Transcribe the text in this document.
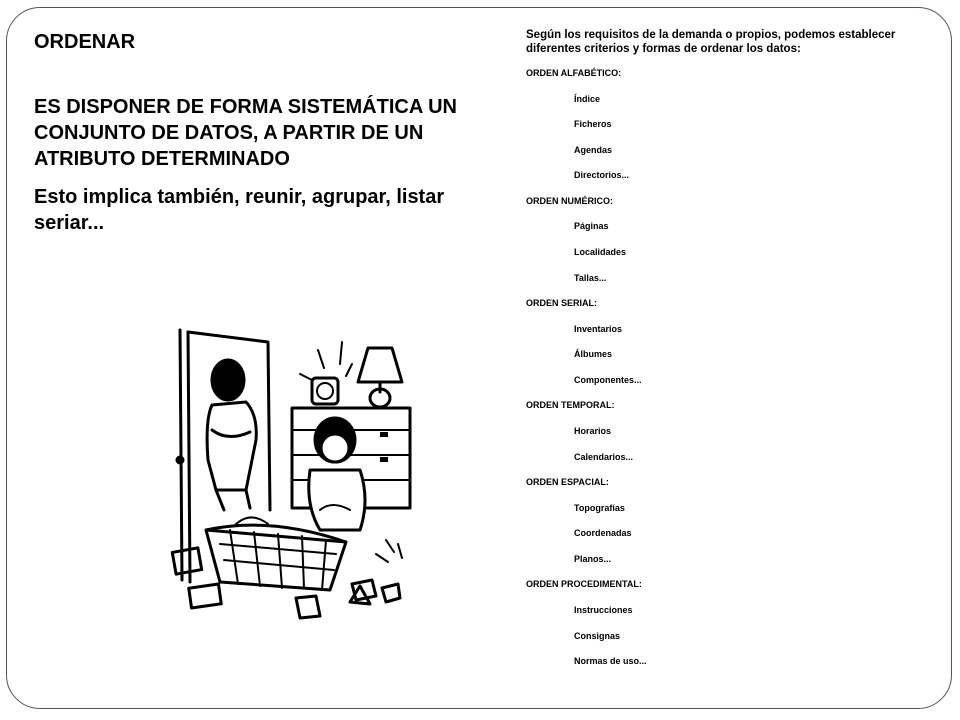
ORDENAR

ES DISPONER DE FORMA SISTEMÁTICA UN CONJUNTO DE DATOS, A PARTIR DE UN ATRIBUTO DETERMINADO

Esto implica también, reunir, agrupar, listar seriar...

Según los requisitos de la demanda o propios, podemos establecer diferentes criterios y formas de ordenar los datos:

ORDEN ALFABÉTICO:
Índice
Ficheros
Agendas
Directorios...
ORDEN NUMÉRICO:
Páginas
Localidades
Tallas...
ORDEN SERIAL:
Inventarios
Álbumes
Componentes...
ORDEN TEMPORAL:
Horarios
Calendarios...
ORDEN ESPACIAL:
Topografías
Coordenadas
Planos...
ORDEN PROCEDIMENTAL:
Instrucciones
Consignas
Normas de uso...
